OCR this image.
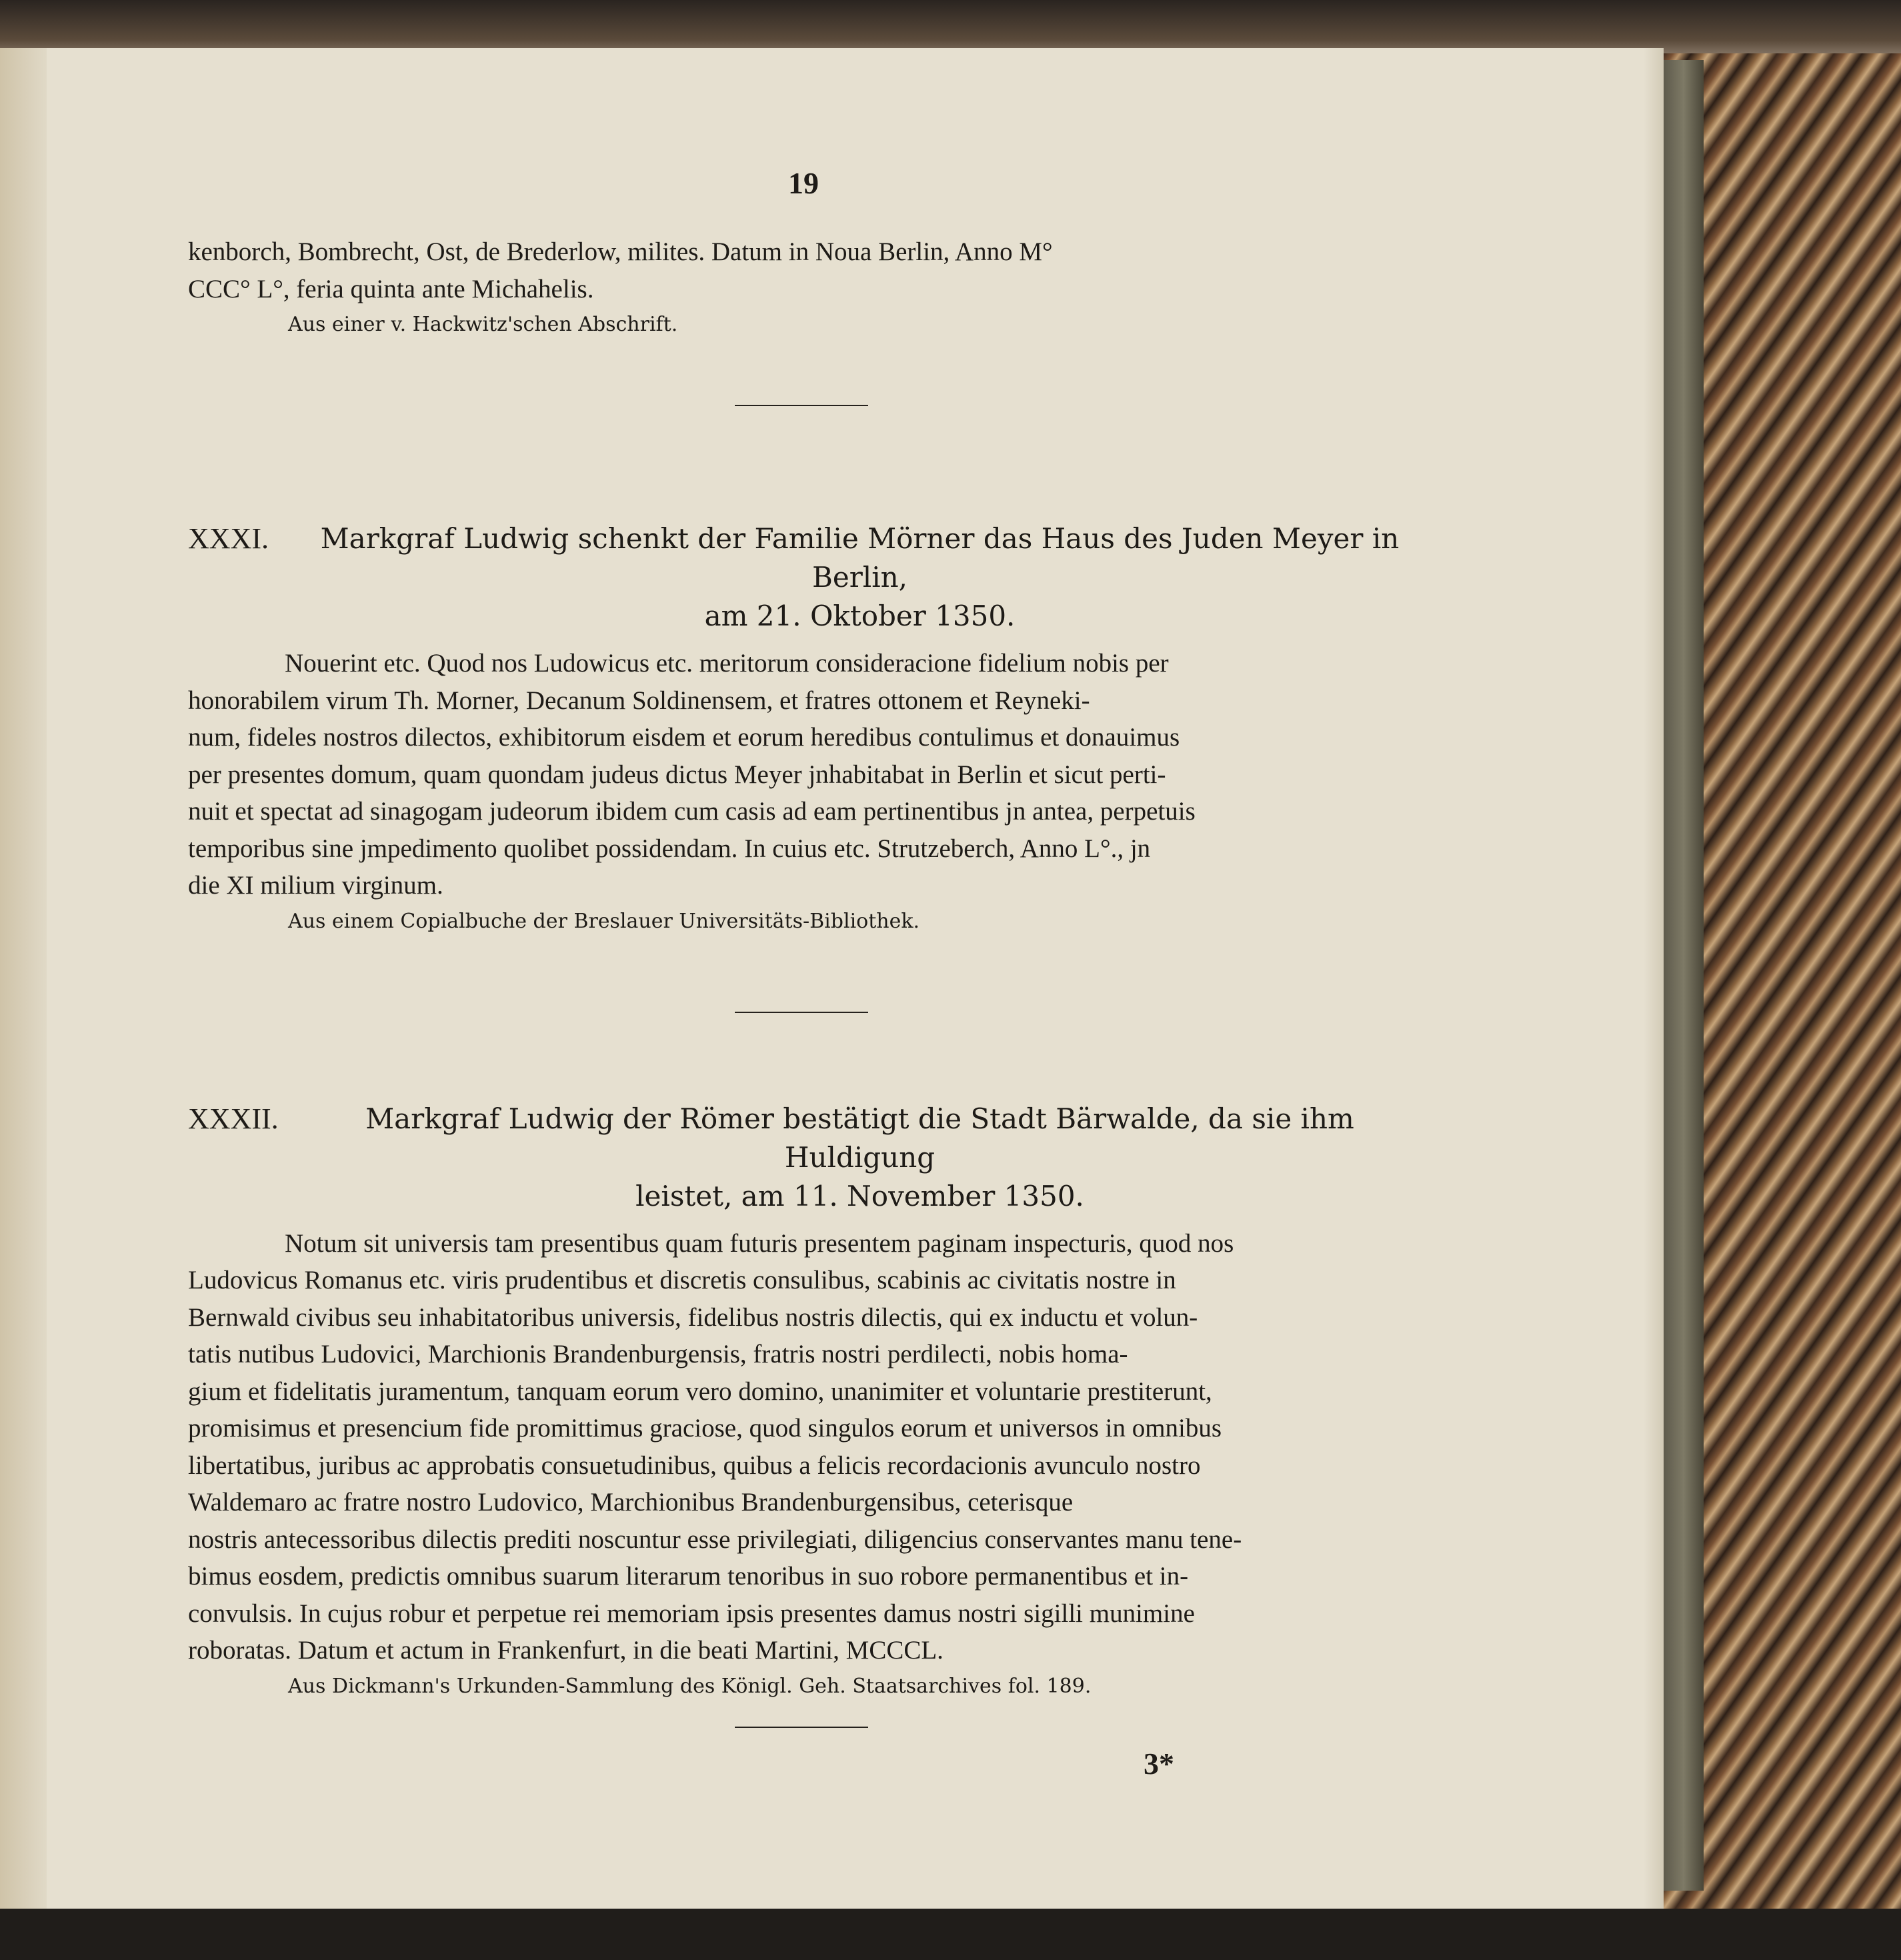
19

kenborch, Bombrecht, Ost, de Brederlow, milites. Datum in Noua Berlin, Anno M°

CCC° L°, feria quinta ante Michahelis.

Aus einer v. Hackwitz'schen Abschrift.
XXXI.	Markgraf Ludwig schenkt der Familie Mörner das Haus des Juden Meyer in Berlin,
am 21. Oktober 1350.

Nouerint etc. Quod nos Ludowicus etc. meritorum consideracione fidelium nobis per

honorabilem virum Th. Morner, Decanum Soldinensem, et fratres ottonem et Reyneki-

num, fideles nostros dilectos, exhibitorum eisdem et eorum heredibus contulimus et donauimus

per presentes domum, quam quondam judeus dictus Meyer jnhabitabat in Berlin et sicut perti-

nuit et spectat ad sinagogam judeorum ibidem cum casis ad eam pertinentibus jn antea, perpetuis

temporibus sine jmpedimento quolibet possidendam. In cuius etc. Strutzeberch, Anno L°., jn

die XI milium virginum.

Aus einem Copialbuche der Breslauer Universitäts-Bibliothek.
XXXII.	Markgraf Ludwig der Römer bestätigt die Stadt Bärwalde, da sie ihm Huldigung
leistet, am 11. November 1350.

Notum sit universis tam presentibus quam futuris presentem paginam inspecturis, quod nos

Ludovicus Romanus etc. viris prudentibus et discretis consulibus, scabinis ac civitatis nostre in

Bernwald civibus seu inhabitatoribus universis, fidelibus nostris dilectis, qui ex inductu et volun-

tatis nutibus Ludovici, Marchionis Brandenburgensis, fratris nostri perdilecti, nobis homa-

gium et fidelitatis juramentum, tanquam eorum vero domino, unanimiter et voluntarie prestiterunt,

promisimus et presencium fide promittimus graciose, quod singulos eorum et universos in omnibus

libertatibus, juribus ac approbatis consuetudinibus, quibus a felicis recordacionis avunculo nostro

Waldemaro ac fratre nostro Ludovico, Marchionibus Brandenburgensibus, ceterisque

nostris antecessoribus dilectis prediti noscuntur esse privilegiati, diligencius conservantes manu tene-

bimus eosdem, predictis omnibus suarum literarum tenoribus in suo robore permanentibus et in-

convulsis. In cujus robur et perpetue rei memoriam ipsis presentes damus nostri sigilli munimine

roboratas. Datum et actum in Frankenfurt, in die beati Martini, MCCCL.

Aus Dickmann's Urkunden-Sammlung des Königl. Geh. Staatsarchives fol. 189.
3*
